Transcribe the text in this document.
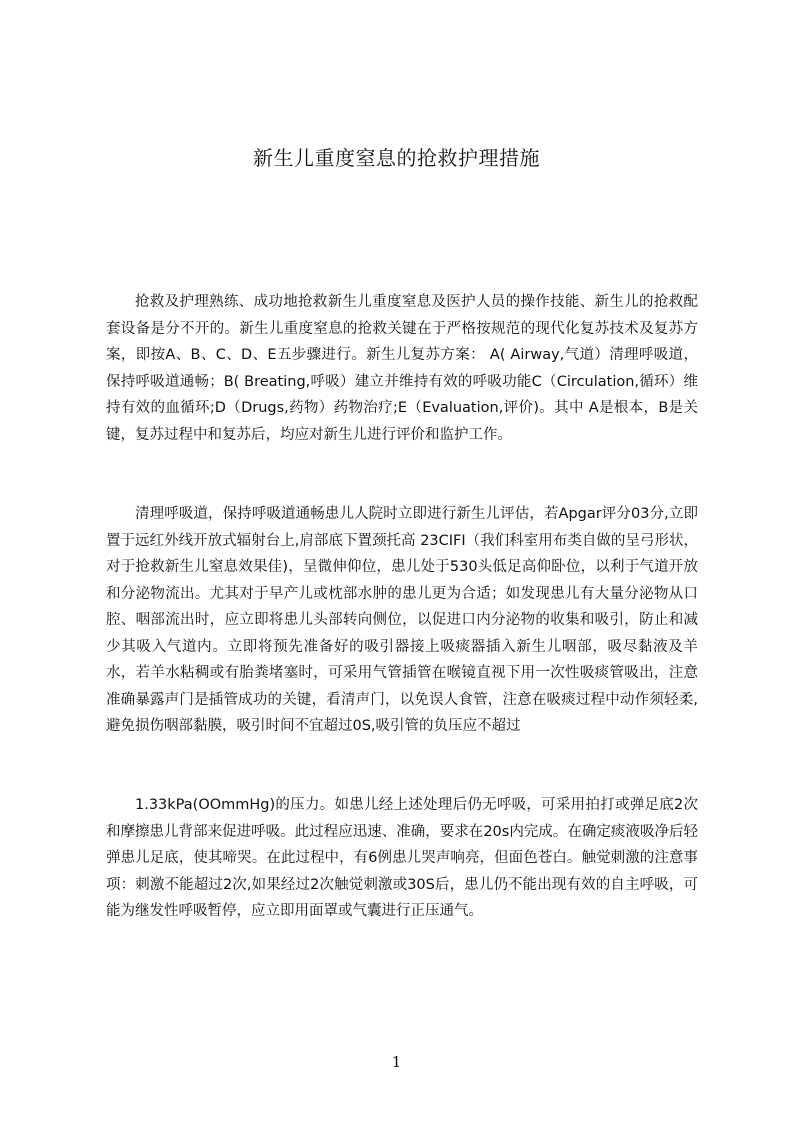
新生儿重度窒息的抢救护理措施

抢救及护理熟练、成功地抢救新生儿重度窒息及医护人员的操作技能、新生儿的抢救配套设备是分不开的。新生儿重度窒息的抢救关键在于严格按规范的现代化复苏技术及复苏方案，即按A、B、C、D、E五步骤进行。新生儿复苏方案： A( Airway,气道）清理呼吸道，保持呼吸道通畅；B( Breating,呼吸）建立并维持有效的呼吸功能C（Circulation,循环）维持有效的血循环;D（Drugs,药物）药物治疗;E（Evaluation,评价)。其中 A是根本，B是关键，复苏过程中和复苏后，均应对新生儿进行评价和监护工作。

清理呼吸道，保持呼吸道通畅患儿人院时立即进行新生儿评估，若Apgar评分03分,立即置于远红外线开放式辐射台上,肩部底下置颈托高 23CIFI（我们科室用布类自做的呈弓形状，对于抢救新生儿窒息效果佳)，呈微伸仰位，患儿处于530头低足高仰卧位，以利于气道开放和分泌物流出。尤其对于早产儿或枕部水肿的患儿更为合适；如发现患儿有大量分泌物从口腔、咽部流出时，应立即将患儿头部转向侧位，以促进口内分泌物的收集和吸引，防止和减少其吸入气道内。立即将预先准备好的吸引器接上吸痰器插入新生儿咽部，吸尽黏液及羊水，若羊水粘稠或有胎粪堵塞时，可采用气管插管在喉镜直视下用一次性吸痰管吸出，注意准确暴露声门是插管成功的关键，看清声门，以免误人食管，注意在吸痰过程中动作须轻柔,避免损伤咽部黏膜，吸引时间不宜超过0S,吸引管的负压应不超过

1.33kPa(OOmmHg)的压力。如患儿经上述处理后仍无呼吸，可采用拍打或弹足底2次和摩擦患儿背部来促进呼吸。此过程应迅速、准确，要求在20s内完成。在确定痰液吸净后轻弹患儿足底，使其啼哭。在此过程中，有6例患儿哭声响亮，但面色苍白。触觉刺激的注意事项：刺激不能超过2次,如果经过2次触觉刺激或30S后，患儿仍不能出现有效的自主呼吸，可能为继发性呼吸暂停，应立即用面罩或气囊进行正压通气。

1
